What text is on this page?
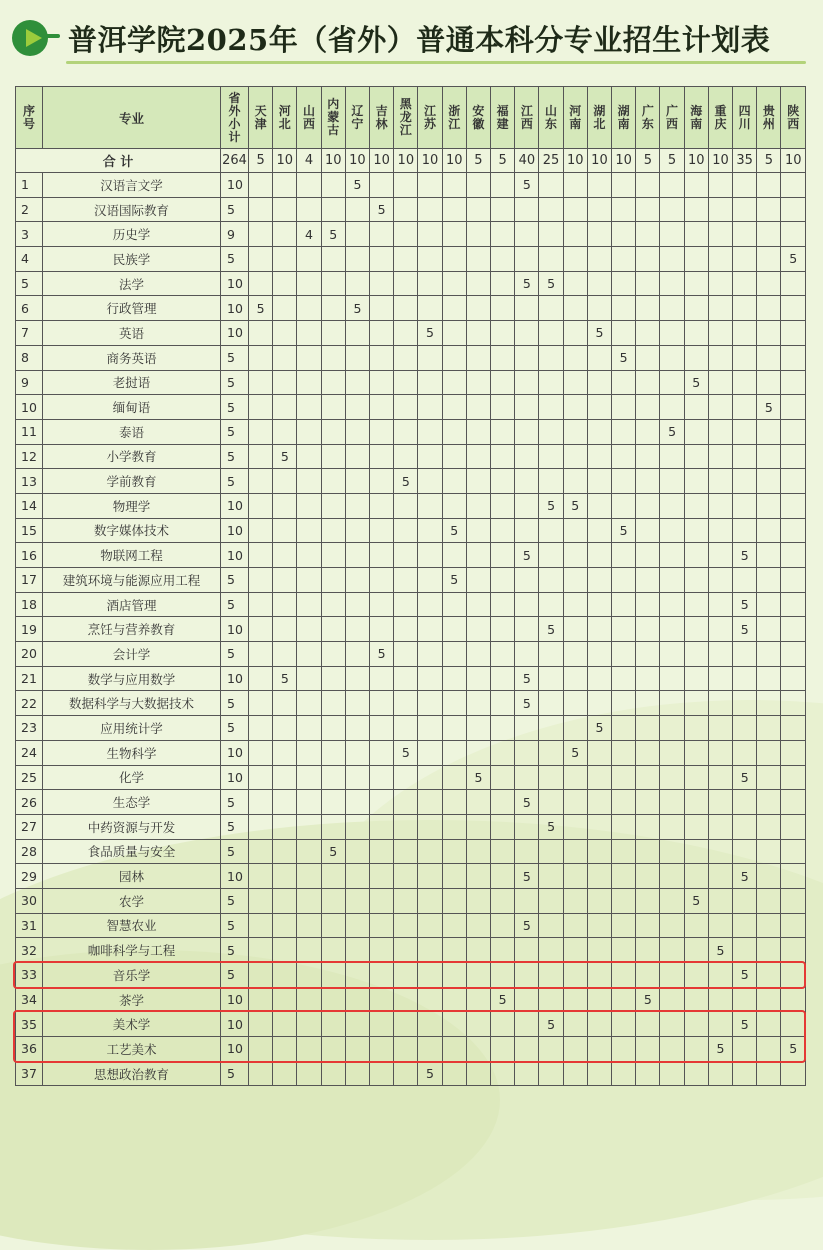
普洱学院2025年（省外）普通本科分专业招生计划表
序号	专业	省外小计	天津	河北	山西	内蒙古	辽宁	吉林	黑龙江	江苏	浙江	安徽	福建	江西	山东	河南	湖北	湖南	广东	广西	海南	重庆	四川	贵州	陕西
合 计		264	5	10	4	10	10	10	10	10	10	5	5	40	25	10	10	10	5	5	10	10	35	5	10
1	汉语言文学	10					5							5											
2	汉语国际教育	5						5																	
3	历史学	9			4	5																			
4	民族学	5																							5
5	法学	10												5	5										
6	行政管理	10	5				5																		
7	英语	10								5							5								
8	商务英语	5																5							
9	老挝语	5																			5				
10	缅甸语	5																						5	
11	泰语	5																		5					
12	小学教育	5		5																					
13	学前教育	5							5																
14	物理学	10													5	5									
15	数字媒体技术	10									5							5							
16	物联网工程	10												5									5		
17	建筑环境与能源应用工程	5									5														
18	酒店管理	5																					5		
19	烹饪与营养教育	10													5								5		
20	会计学	5						5																	
21	数学与应用数学	10		5										5											
22	数据科学与大数据技术	5												5											
23	应用统计学	5															5								
24	生物科学	10							5							5									
25	化学	10										5											5		
26	生态学	5												5											
27	中药资源与开发	5													5										
28	食品质量与安全	5				5																			
29	园林	10												5									5		
30	农学	5																			5				
31	智慧农业	5												5											
32	咖啡科学与工程	5																				5			
33	音乐学	5																					5		
34	茶学	10											5						5						
35	美术学	10													5								5		
36	工艺美术	10																				5			5
37	思想政治教育	5								5															
